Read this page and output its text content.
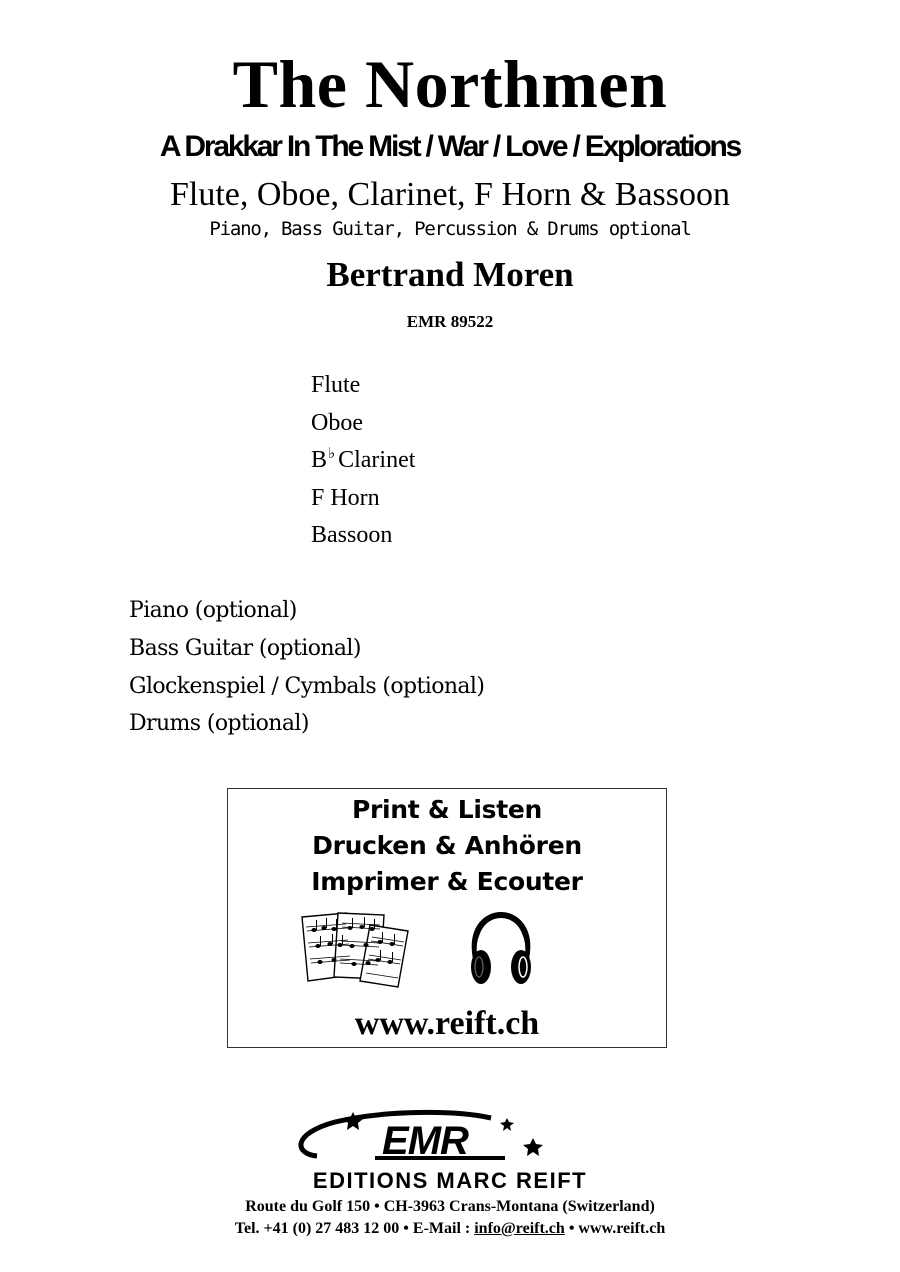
The Northmen
A Drakkar In The Mist / War / Love / Explorations
Flute, Oboe, Clarinet, F Horn & Bassoon
Piano, Bass Guitar, Percussion & Drums optional
Bertrand Moren
EMR 89522
Flute
Oboe
B♭ Clarinet
F Horn
Bassoon
Piano (optional)
Bass Guitar (optional)
Glockenspiel / Cymbals (optional)
Drums (optional)
Print & Listen
Drucken & Anhören
Imprimer & Ecouter
www.reift.ch
EMR
EDITIONS MARC REIFT
Route du Golf 150 • CH-3963 Crans-Montana (Switzerland)
Tel. +41 (0) 27 483 12 00 • E-Mail : info@reift.ch • www.reift.ch
